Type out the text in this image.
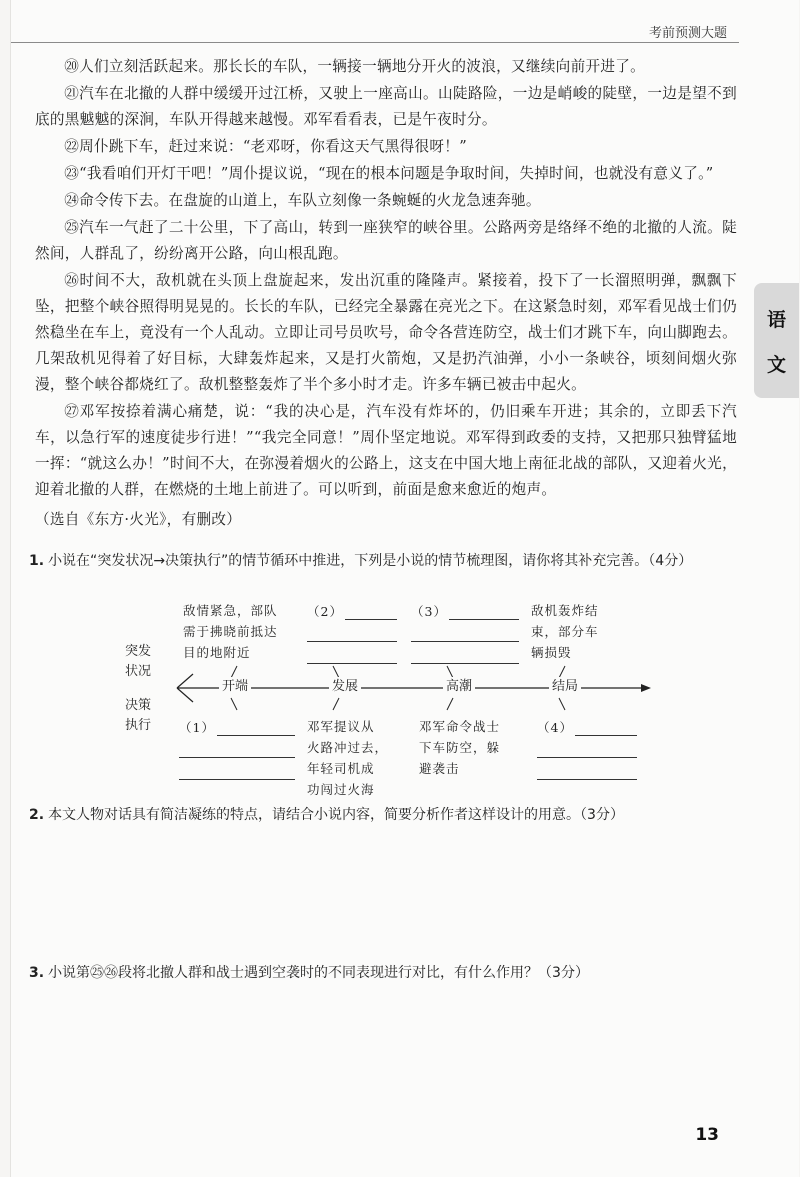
考前预测大题
语
文

⑳人们立刻活跃起来。那长长的车队，一辆接一辆地分开火的波浪，又继续向前开进了。

㉑汽车在北撤的人群中缓缓开过江桥，又驶上一座高山。山陡路险，一边是峭峻的陡壁，一边是望不到底的黑魆魆的深涧，车队开得越来越慢。邓军看看表，已是午夜时分。

㉒周仆跳下车，赶过来说：“老邓呀，你看这天气黑得很呀！”

㉓“我看咱们开灯干吧！”周仆提议说，“现在的根本问题是争取时间，失掉时间，也就没有意义了。”

㉔命令传下去。在盘旋的山道上，车队立刻像一条蜿蜒的火龙急速奔驰。

㉕汽车一气赶了二十公里，下了高山，转到一座狭窄的峡谷里。公路两旁是络绎不绝的北撤的人流。陡然间，人群乱了，纷纷离开公路，向山根乱跑。

㉖时间不大，敌机就在头顶上盘旋起来，发出沉重的隆隆声。紧接着，投下了一长溜照明弹，飘飘下坠，把整个峡谷照得明晃晃的。长长的车队，已经完全暴露在亮光之下。在这紧急时刻，邓军看见战士们仍然稳坐在车上，竟没有一个人乱动。立即让司号员吹号，命令各营连防空，战士们才跳下车，向山脚跑去。几架敌机见得着了好目标，大肆轰炸起来，又是打火箭炮，又是扔汽油弹，小小一条峡谷，顷刻间烟火弥漫，整个峡谷都烧红了。敌机整整轰炸了半个多小时才走。许多车辆已被击中起火。

㉗邓军按捺着满心痛楚，说：“我的决心是，汽车没有炸坏的，仍旧乘车开进；其余的，立即丢下汽车，以急行军的速度徒步行进！”“我完全同意！”周仆坚定地说。邓军得到政委的支持，又把那只独臂猛地一挥：“就这么办！”时间不大，在弥漫着烟火的公路上，这支在中国大地上南征北战的部队，又迎着火光，迎着北撤的人群，在燃烧的土地上前进了。可以听到，前面是愈来愈近的炮声。

（选自《东方·火光》，有删改）

1. 小说在“突发状况→决策执行”的情节循环中推进，下列是小说的情节梳理图，请你将其补充完善。（4分）
突发
状况
决策
执行
开端	发展	高潮	结局
敌情紧急，部队
需于拂晓前抵达
目的地附近
（2）	（3）	敌机轰炸结
束，部分车
辆损毁
（1）	邓军提议从
火路冲过去，
年轻司机成
功闯过火海
邓军命令战士
下车防空，躲
避袭击
（4）
2. 本文人物对话具有简洁凝练的特点，请结合小说内容，简要分析作者这样设计的用意。（3分）
3. 小说第㉕㉖段将北撤人群和战士遇到空袭时的不同表现进行对比，有什么作用？（3分）
13
